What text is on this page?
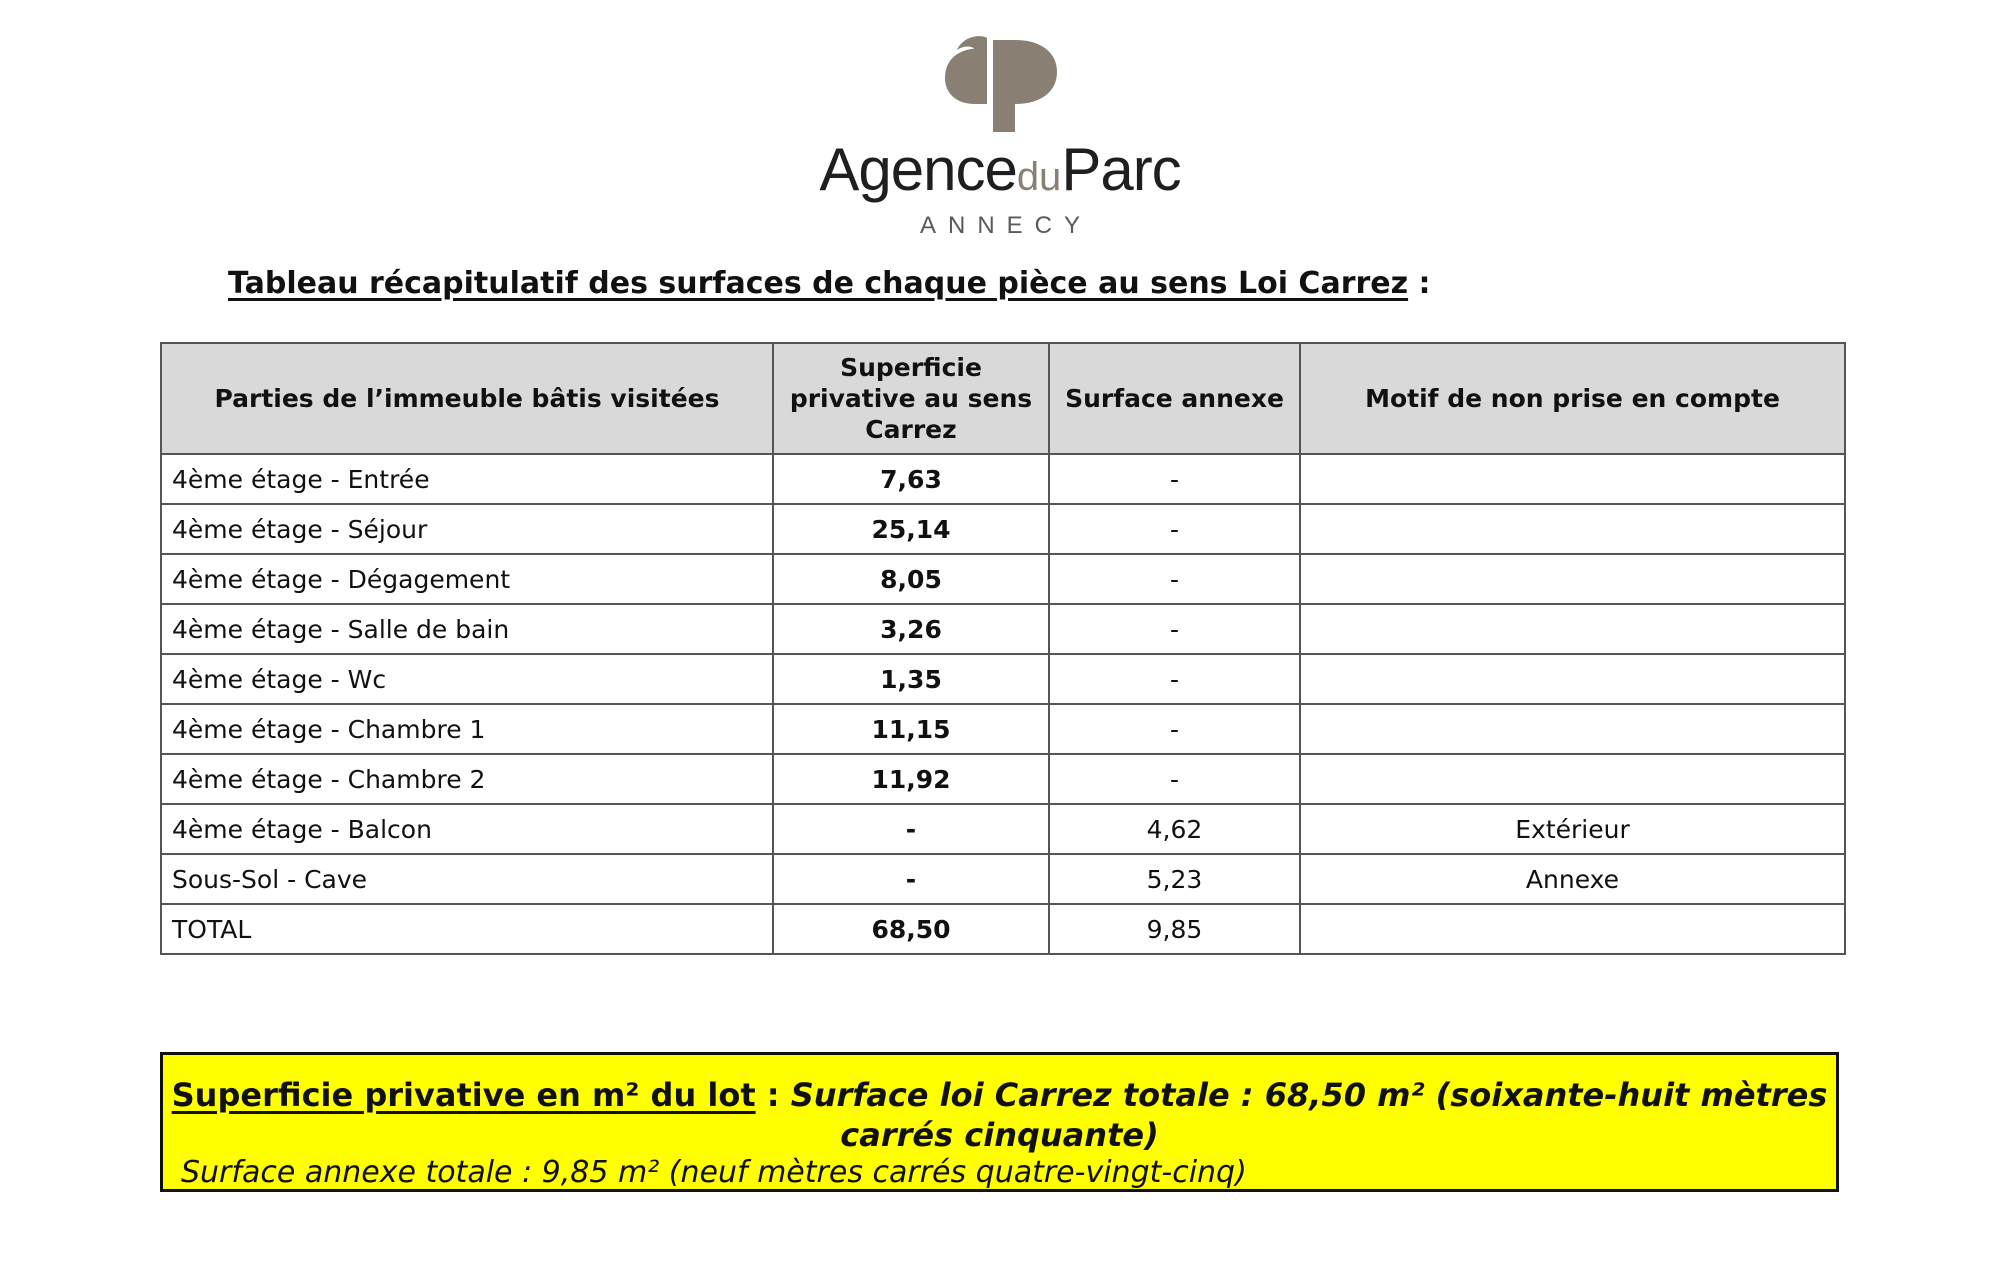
AgenceduParc
ANNECY
Tableau récapitulatif des surfaces de chaque pièce au sens Loi Carrez :
Parties de l’immeuble bâtis visitées	Superficie privative au sens Carrez	Surface annexe	Motif de non prise en compte
4ème étage - Entrée	7,63	-	
4ème étage - Séjour	25,14	-	
4ème étage - Dégagement	8,05	-	
4ème étage - Salle de bain	3,26	-	
4ème étage - Wc	1,35	-	
4ème étage - Chambre 1	11,15	-	
4ème étage - Chambre 2	11,92	-	
4ème étage - Balcon	-	4,62	Extérieur
Sous-Sol - Cave	-	5,23	Annexe
TOTAL	68,50	9,85	
Superficie privative en m² du lot : Surface loi Carrez totale : 68,50 m² (soixante-huit mètres carrés cinquante)
Surface annexe totale : 9,85 m² (neuf mètres carrés quatre-vingt-cinq)
